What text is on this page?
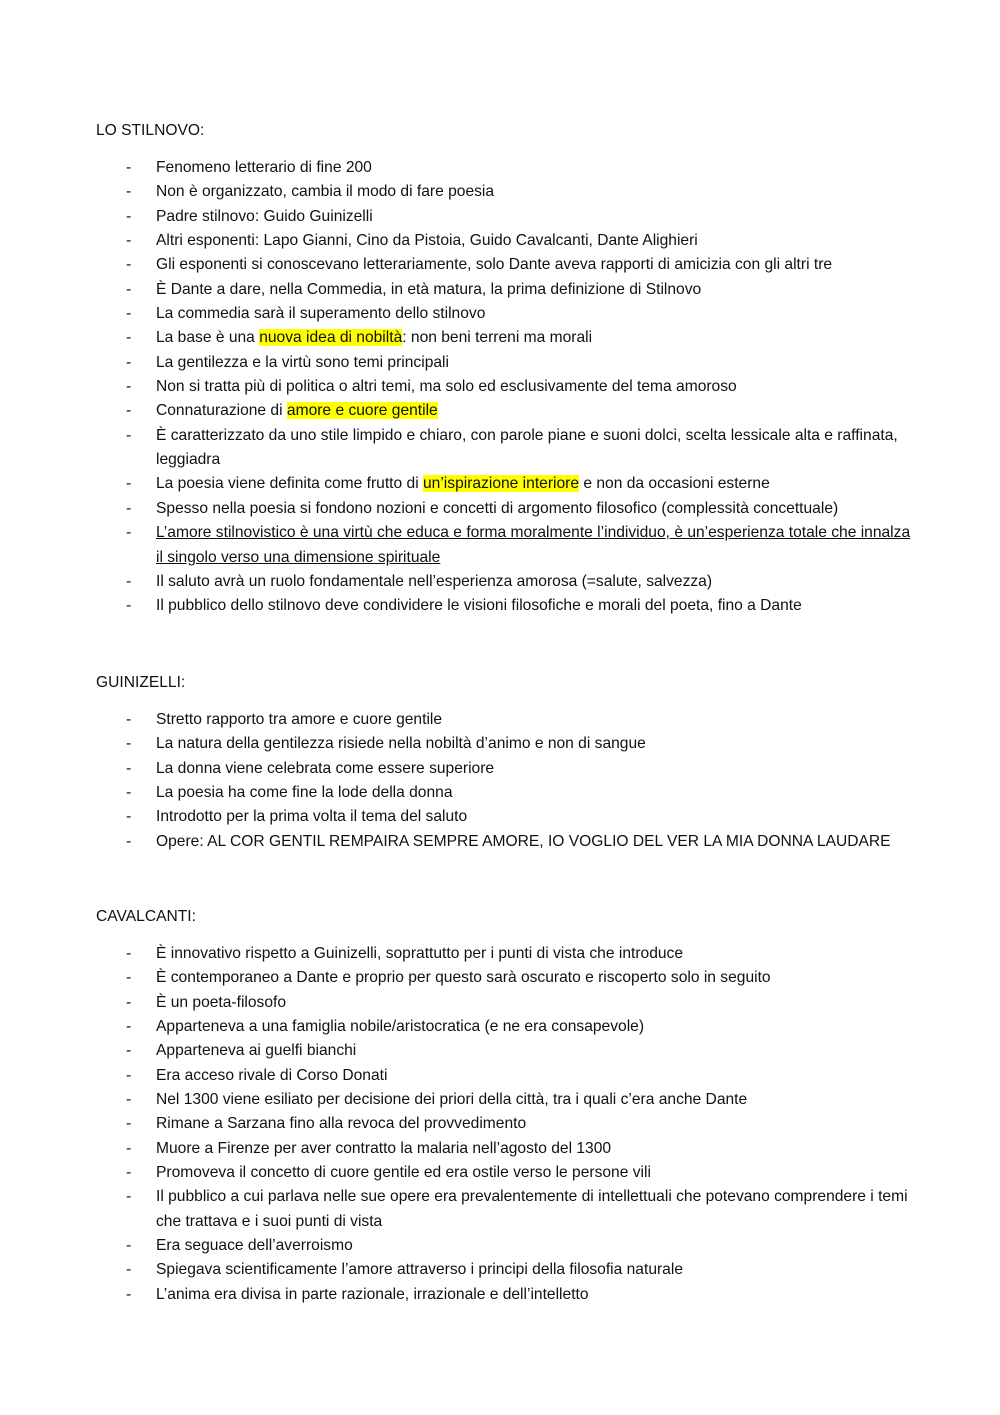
LO STILNOVO:
- Fenomeno letterario di fine 200
- Non è organizzato, cambia il modo di fare poesia
- Padre stilnovo: Guido Guinizelli
- Altri esponenti: Lapo Gianni, Cino da Pistoia, Guido Cavalcanti, Dante Alighieri
- Gli esponenti si conoscevano letterariamente, solo Dante aveva rapporti di amicizia con gli altri tre
- È Dante a dare, nella Commedia, in età matura, la prima definizione di Stilnovo
- La commedia sarà il superamento dello stilnovo
- La base è una nuova idea di nobiltà: non beni terreni ma morali
- La gentilezza e la virtù sono temi principali
- Non si tratta più di politica o altri temi, ma solo ed esclusivamente del tema amoroso
- Connaturazione di amore e cuore gentile
- È caratterizzato da uno stile limpido e chiaro, con parole piane e suoni dolci, scelta lessicale alta e raffinata, leggiadra
- La poesia viene definita come frutto di un’ispirazione interiore e non da occasioni esterne
- Spesso nella poesia si fondono nozioni e concetti di argomento filosofico (complessità concettuale)
- L’amore stilnovistico è una virtù che educa e forma moralmente l’individuo, è un’esperienza totale che innalza il singolo verso una dimensione spirituale
- Il saluto avrà un ruolo fondamentale nell’esperienza amorosa (=salute, salvezza)
- Il pubblico dello stilnovo deve condividere le visioni filosofiche e morali del poeta, fino a Dante
GUINIZELLI:
- Stretto rapporto tra amore e cuore gentile
- La natura della gentilezza risiede nella nobiltà d’animo e non di sangue
- La donna viene celebrata come essere superiore
- La poesia ha come fine la lode della donna
- Introdotto per la prima volta il tema del saluto
- Opere: AL COR GENTIL REMPAIRA SEMPRE AMORE, IO VOGLIO DEL VER LA MIA DONNA LAUDARE
CAVALCANTI:
- È innovativo rispetto a Guinizelli, soprattutto per i punti di vista che introduce
- È contemporaneo a Dante e proprio per questo sarà oscurato e riscoperto solo in seguito
- È un poeta-filosofo
- Apparteneva a una famiglia nobile/aristocratica (e ne era consapevole)
- Apparteneva ai guelfi bianchi
- Era acceso rivale di Corso Donati
- Nel 1300 viene esiliato per decisione dei priori della città, tra i quali c’era anche Dante
- Rimane a Sarzana fino alla revoca del provvedimento
- Muore a Firenze per aver contratto la malaria nell’agosto del 1300
- Promoveva il concetto di cuore gentile ed era ostile verso le persone vili
- Il pubblico a cui parlava nelle sue opere era prevalentemente di intellettuali che potevano comprendere i temi che trattava e i suoi punti di vista
- Era seguace dell’averroismo
- Spiegava scientificamente l’amore attraverso i principi della filosofia naturale
- L’anima era divisa in parte razionale, irrazionale e dell’intelletto
